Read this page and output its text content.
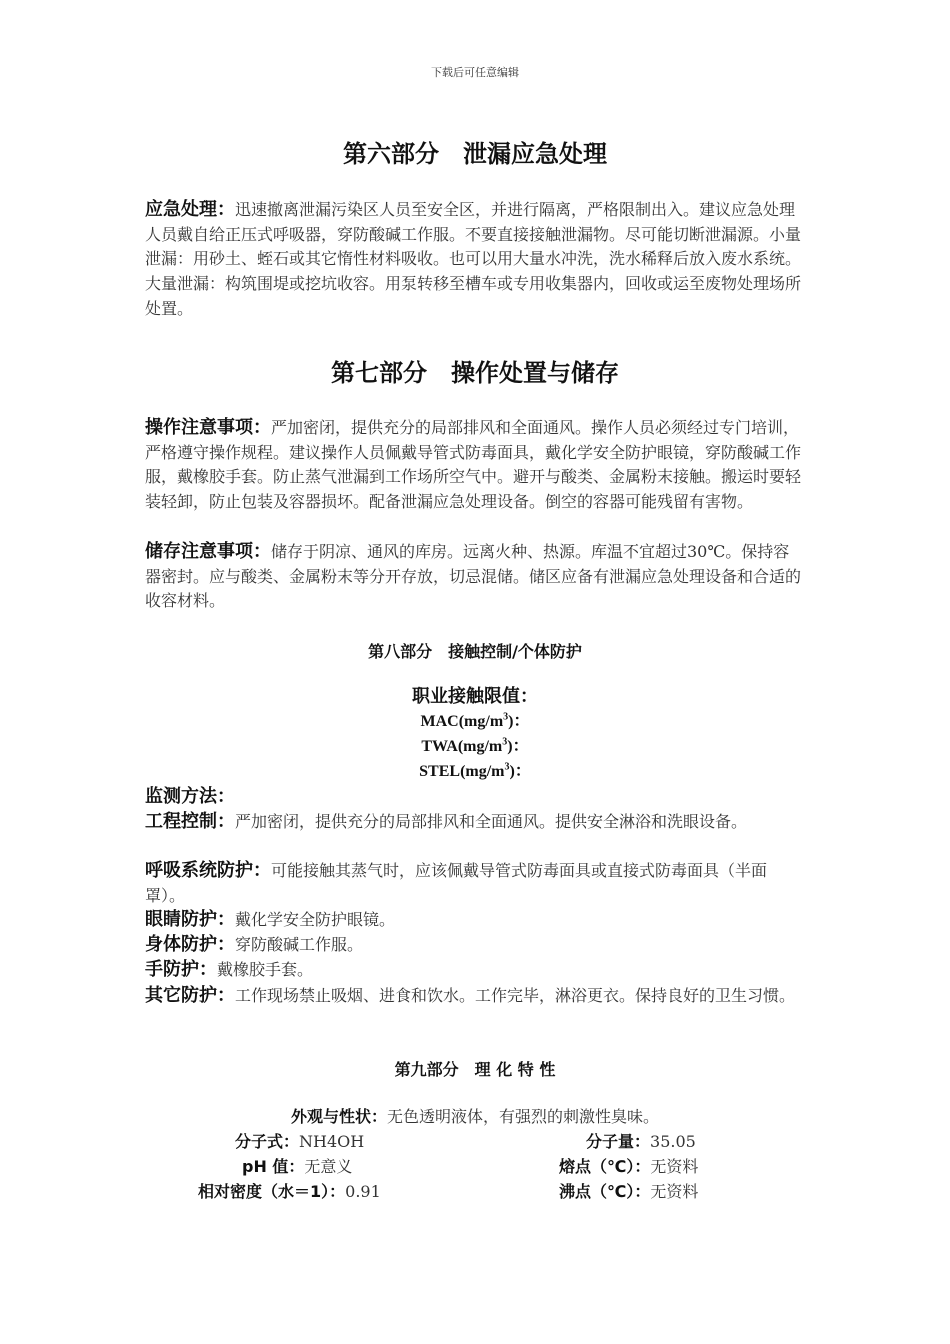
下载后可任意编辑
第六部分　泄漏应急处理

应急处理：迅速撤离泄漏污染区人员至安全区，并进行隔离，严格限制出入。建议应急处理人员戴自给正压式呼吸器，穿防酸碱工作服。不要直接接触泄漏物。尽可能切断泄漏源。小量泄漏：用砂土、蛭石或其它惰性材料吸收。也可以用大量水冲洗，洗水稀释后放入废水系统。大量泄漏：构筑围堤或挖坑收容。用泵转移至槽车或专用收集器内，回收或运至废物处理场所处置。

第七部分　操作处置与储存

操作注意事项：严加密闭，提供充分的局部排风和全面通风。操作人员必须经过专门培训，严格遵守操作规程。建议操作人员佩戴导管式防毒面具，戴化学安全防护眼镜，穿防酸碱工作服，戴橡胶手套。防止蒸气泄漏到工作场所空气中。避开与酸类、金属粉末接触。搬运时要轻装轻卸，防止包装及容器损坏。配备泄漏应急处理设备。倒空的容器可能残留有害物。

储存注意事项：储存于阴凉、通风的库房。远离火种、热源。库温不宜超过30℃。保持容器密封。应与酸类、金属粉末等分开存放，切忌混储。储区应备有泄漏应急处理设备和合适的收容材料。

第八部分　接触控制/个体防护
职业接触限值：
$MAC(mg/m^3)$：
$TWA(mg/m^3)$：
$STEL(mg/m^3)$：

监测方法：

工程控制：严加密闭，提供充分的局部排风和全面通风。提供安全淋浴和洗眼设备。

呼吸系统防护：可能接触其蒸气时，应该佩戴导管式防毒面具或直接式防毒面具（半面罩）。

眼睛防护：戴化学安全防护眼镜。

身体防护：穿防酸碱工作服。

手防护：戴橡胶手套。

其它防护：工作现场禁止吸烟、进食和饮水。工作完毕，淋浴更衣。保持良好的卫生习惯。

第九部分　理 化 特 性
外观与性状：无色透明液体，有强烈的刺激性臭味。
分子式：NH4OH	分子量：35.05
pH 值：无意义	熔点（℃）：无资料
相对密度（水＝1）：0.91	沸点（℃）：无资料
